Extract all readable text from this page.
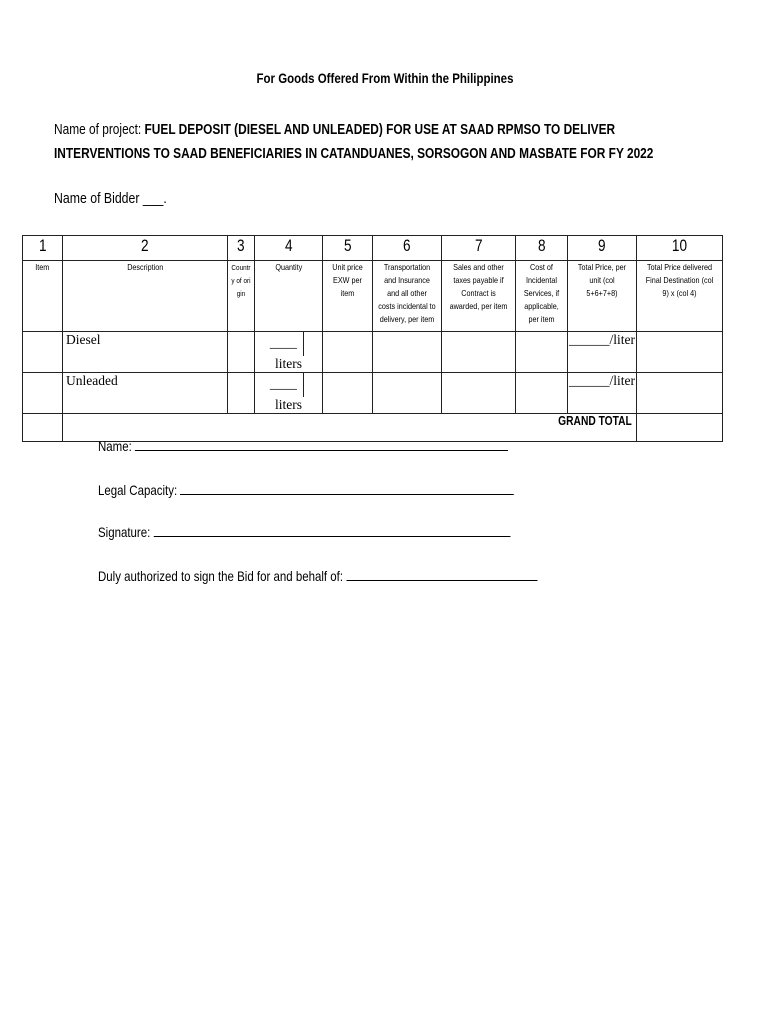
For Goods Offered From Within the Philippines
Name of project: FUEL DEPOSIT (DIESEL AND UNLEADED) FOR USE AT SAAD RPMSO TO DELIVER INTERVENTIONS TO SAAD BENEFICIARIES IN CATANDUANES, SORSOGON AND MASBATE FOR FY 2022
Name of Bidder ___.
1	2	3	4	5	6	7	8	9	10
Item	Description	Country of origin	Quantity	Unit price EXW per item	Transportation and Insurance and all other costs incidental to delivery, per item	Sales and other taxes payable if Contract is awarded, per item	Cost of Incidental Services, if applicable, per item	Total Price, per unit (col 5+6+7+8)	Total Price delivered Final Destination (col 9) x (col 4)
	Diesel		____  liters					______/liter	
	Unleaded		____  liters					______/liter	
	GRAND TOTAL								
Name:
Legal Capacity:
Signature:
Duly authorized to sign the Bid for and behalf of:
